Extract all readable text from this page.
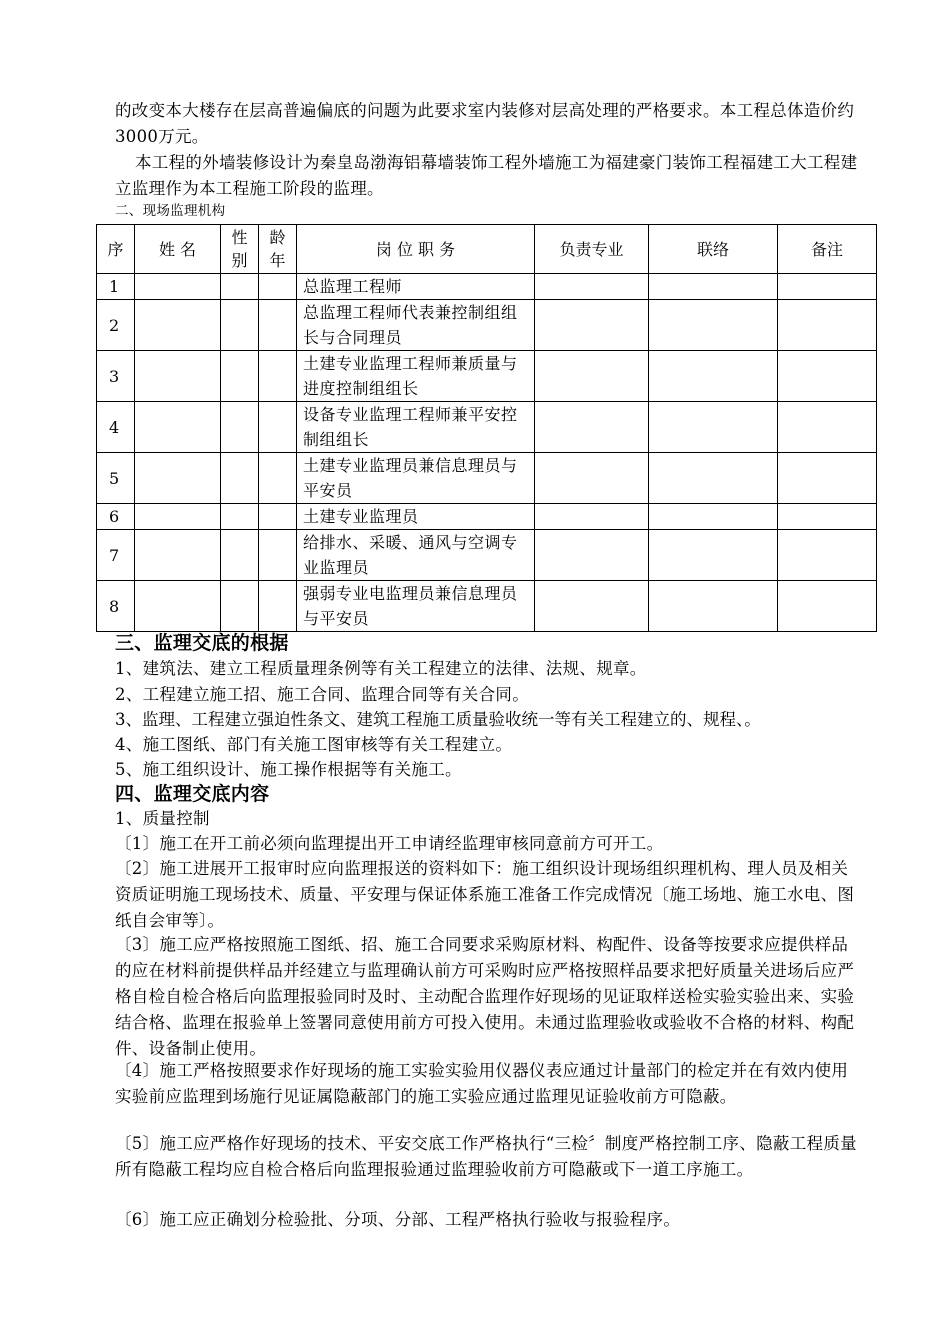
的改变本大楼存在层高普遍偏底的问题为此要求室内装修对层高处理的严格要求。本工程总体造价约3000万元。
本工程的外墙装修设计为秦皇岛渤海铝幕墙装饰工程外墙施工为福建豪门装饰工程福建工大工程建立监理作为本工程施工阶段的监理。
二、现场监理机构
序	姓 名	性别	龄年	岗 位 职 务	负责专业	联络	备注
1				总监理工程师			
2				总监理工程师代表兼控制组组长与合同理员			
3				土建专业监理工程师兼质量与进度控制组组长			
4				设备专业监理工程师兼平安控制组组长			
5				土建专业监理员兼信息理员与平安员			
6				土建专业监理员			
7				给排水、采暖、通风与空调专业监理员			
8				强弱专业电监理员兼信息理员与平安员			
三、监理交底的根据
1、建筑法、建立工程质量理条例等有关工程建立的法律、法规、规章。
2、工程建立施工招、施工合同、监理合同等有关合同。
3、监理、工程建立强迫性条文、建筑工程施工质量验收统一等有关工程建立的、规程、。
4、施工图纸、部门有关施工图审核等有关工程建立。
5、施工组织设计、施工操作根据等有关施工。
四、监理交底内容
1、质量控制
〔1〕施工在开工前必须向监理提出开工申请经监理审核同意前方可开工。
〔2〕施工进展开工报审时应向监理报送的资料如下：施工组织设计现场组织理机构、理人员及相关资质证明施工现场技术、质量、平安理与保证体系施工准备工作完成情况〔施工场地、施工水电、图纸自会审等〕。
〔3〕施工应严格按照施工图纸、招、施工合同要求采购原材料、构配件、设备等按要求应提供样品的应在材料前提供样品并经建立与监理确认前方可采购时应严格按照样品要求把好质量关进场后应严格自检自检合格后向监理报验同时及时、主动配合监理作好现场的见证取样送检实验实验出来、实验结合格、监理在报验单上签署同意使用前方可投入使用。未通过监理验收或验收不合格的材料、构配件、设备制止使用。
〔4〕施工严格按照要求作好现场的施工实验实验用仪器仪表应通过计量部门的检定并在有效内使用实验前应监理到场施行见证属隐蔽部门的施工实验应通过监理见证验收前方可隐蔽。
〔5〕施工应严格作好现场的技术、平安交底工作严格执行“三检〞制度严格控制工序、隐蔽工程质量所有隐蔽工程均应自检合格后向监理报验通过监理验收前方可隐蔽或下一道工序施工。
〔6〕施工应正确划分检验批、分项、分部、工程严格执行验收与报验程序。
